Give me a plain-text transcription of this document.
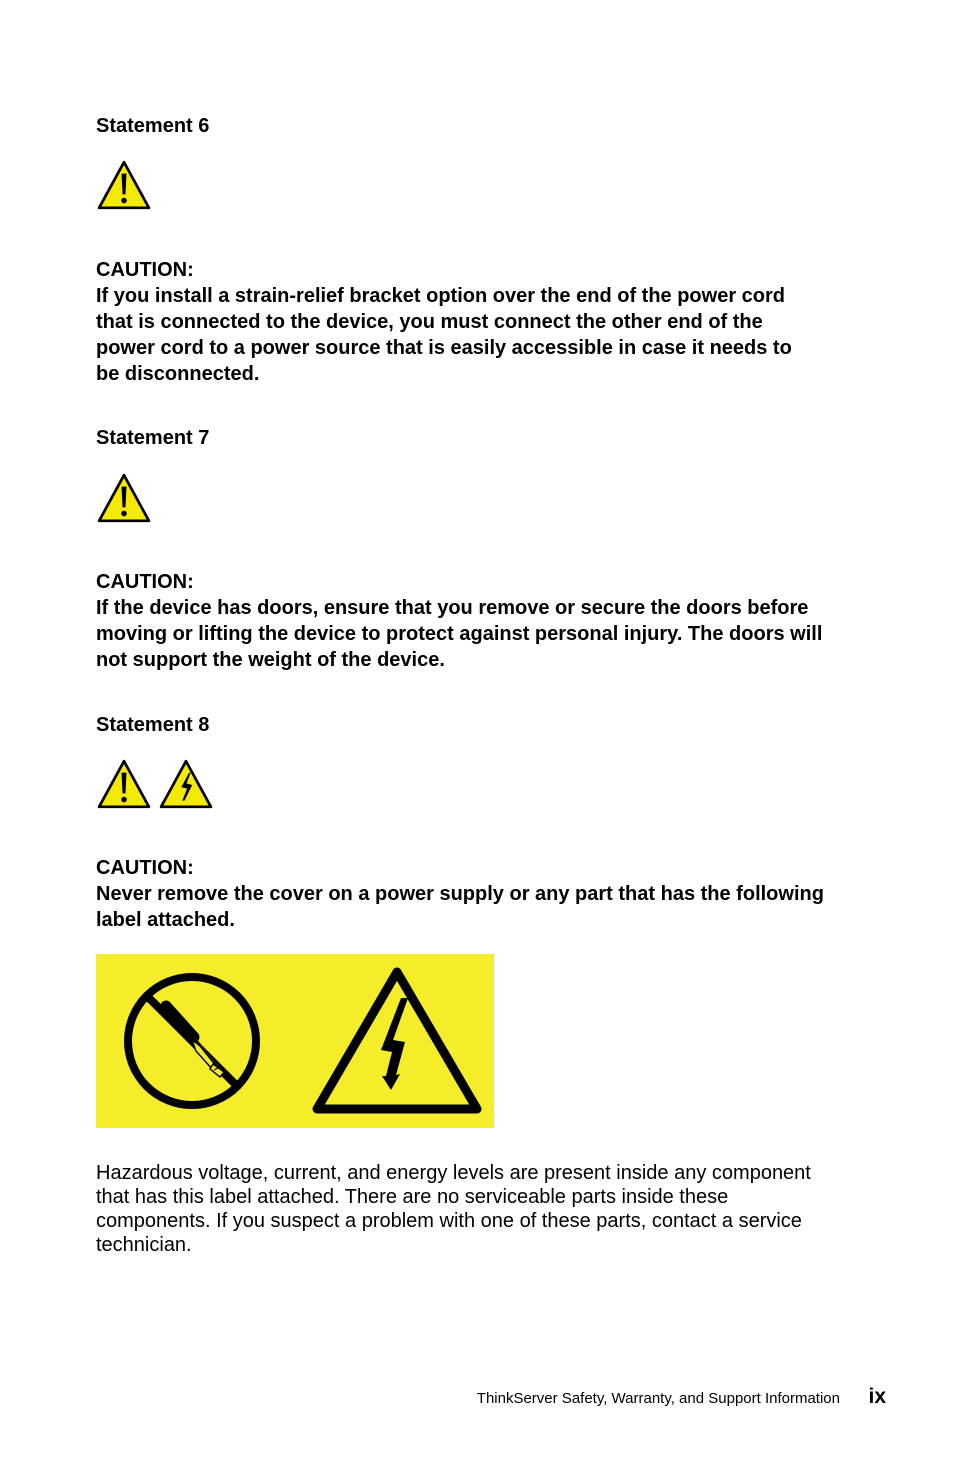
Statement 6
CAUTION:
If you install a strain-relief bracket option over the end of the power cord
that is connected to the device, you must connect the other end of the
power cord to a power source that is easily accessible in case it needs to
be disconnected.
Statement 7
CAUTION:
If the device has doors, ensure that you remove or secure the doors before
moving or lifting the device to protect against personal injury. The doors will
not support the weight of the device.
Statement 8
CAUTION:
Never remove the cover on a power supply or any part that has the following
label attached.
Hazardous voltage, current, and energy levels are present inside any component
that has this label attached. There are no serviceable parts inside these
components. If you suspect a problem with one of these parts, contact a service
technician.
ThinkServer Safety, Warranty, and Support Information ix
